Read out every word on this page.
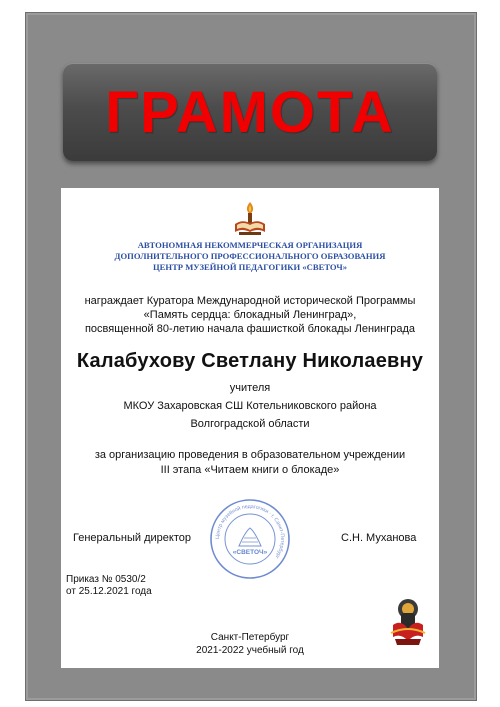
ГРАМОТА
АВТОНОМНАЯ НЕКОММЕРЧЕСКАЯ ОРГАНИЗАЦИЯ
ДОПОЛНИТЕЛЬНОГО ПРОФЕССИОНАЛЬНОГО ОБРАЗОВАНИЯ
ЦЕНТР МУЗЕЙНОЙ ПЕДАГОГИКИ «СВЕТОЧ»
награждает Куратора Международной исторической Программы
«Память сердца: блокадный Ленинград»,
посвященной 80-летию начала фашисткой блокады Ленинграда
Калабухову Светлану Николаевну
учителя
МКОУ Захаровская СШ Котельниковского района
Волгоградской области
за организацию проведения в образовательном учреждении
III этапа «Читаем книги о блокаде»
Генеральный директор	С.Н. Муханова
Центр музейной педагогики · г. Санкт-Петербург
«СВЕТОЧ»
Приказ № 0530/2
от 25.12.2021 года
Санкт-Петербург
2021-2022 учебный год
